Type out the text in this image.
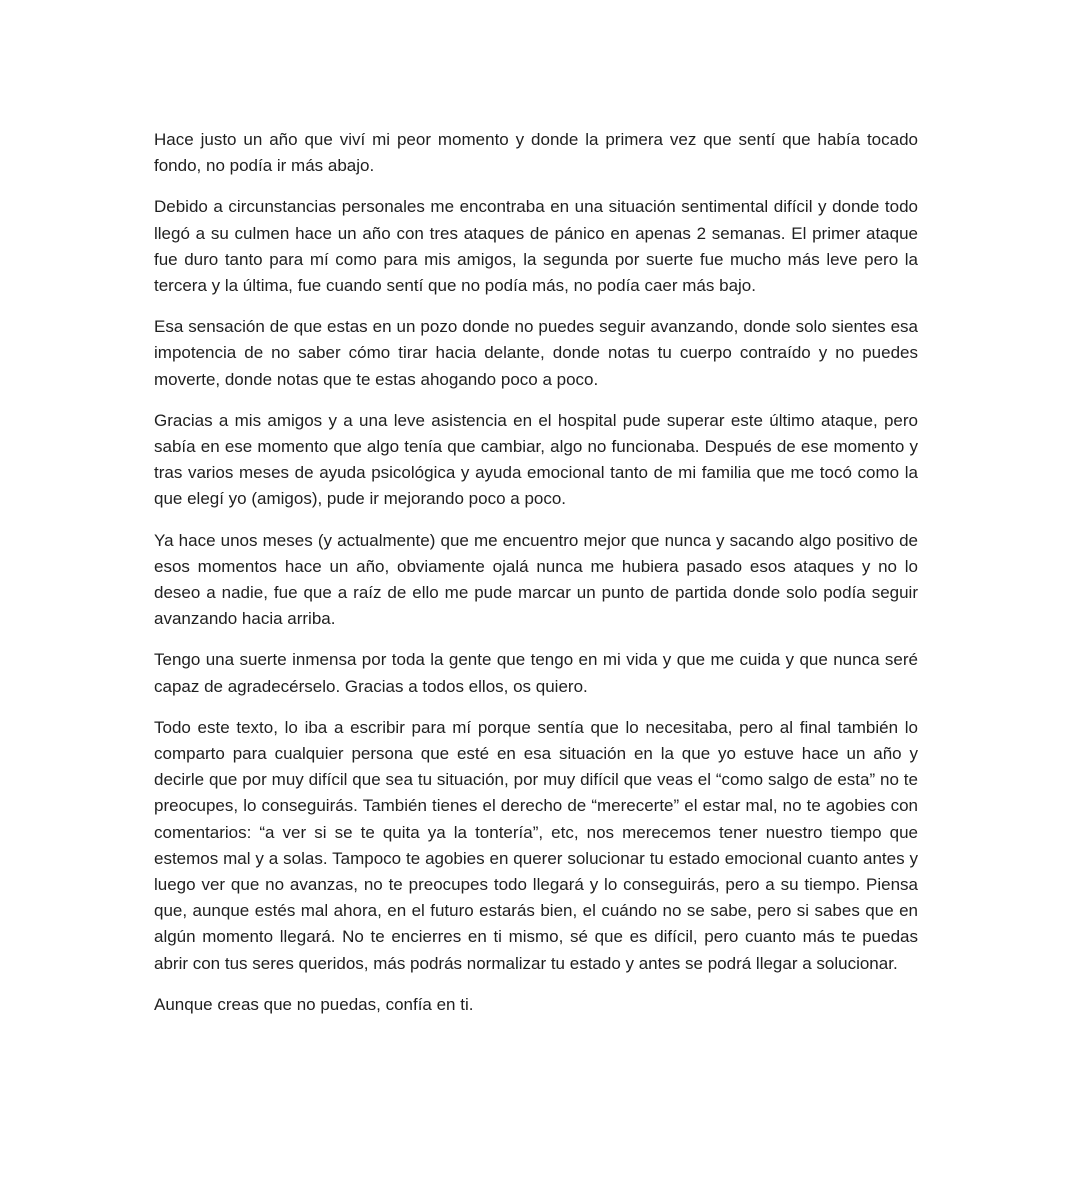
Hace justo un año que viví mi peor momento y donde la primera vez que sentí que había tocado fondo, no podía ir más abajo.

Debido a circunstancias personales me encontraba en una situación sentimental difícil y donde todo llegó a su culmen hace un año con tres ataques de pánico en apenas 2 semanas. El primer ataque fue duro tanto para mí como para mis amigos, la segunda por suerte fue mucho más leve pero la tercera y la última, fue cuando sentí que no podía más, no podía caer más bajo.

Esa sensación de que estas en un pozo donde no puedes seguir avanzando, donde solo sientes esa impotencia de no saber cómo tirar hacia delante, donde notas tu cuerpo contraído y no puedes moverte, donde notas que te estas ahogando poco a poco.

Gracias a mis amigos y a una leve asistencia en el hospital pude superar este último ataque, pero sabía en ese momento que algo tenía que cambiar, algo no funcionaba. Después de ese momento y tras varios meses de ayuda psicológica y ayuda emocional tanto de mi familia que me tocó como la que elegí yo (amigos), pude ir mejorando poco a poco.

Ya hace unos meses (y actualmente) que me encuentro mejor que nunca y sacando algo positivo de esos momentos hace un año, obviamente ojalá nunca me hubiera pasado esos ataques y no lo deseo a nadie, fue que a raíz de ello me pude marcar un punto de partida donde solo podía seguir avanzando hacia arriba.

Tengo una suerte inmensa por toda la gente que tengo en mi vida y que me cuida y que nunca seré capaz de agradecérselo. Gracias a todos ellos, os quiero.

Todo este texto, lo iba a escribir para mí porque sentía que lo necesitaba, pero al final también lo comparto para cualquier persona que esté en esa situación en la que yo estuve hace un año y decirle que por muy difícil que sea tu situación, por muy difícil que veas el “como salgo de esta” no te preocupes, lo conseguirás. También tienes el derecho de “merecerte” el estar mal, no te agobies con comentarios: “a ver si se te quita ya la tontería”, etc, nos merecemos tener nuestro tiempo que estemos mal y a solas. Tampoco te agobies en querer solucionar tu estado emocional cuanto antes y luego ver que no avanzas, no te preocupes todo llegará y lo conseguirás, pero a su tiempo. Piensa que, aunque estés mal ahora, en el futuro estarás bien, el cuándo no se sabe, pero si sabes que en algún momento llegará. No te encierres en ti mismo, sé que es difícil, pero cuanto más te puedas abrir con tus seres queridos, más podrás normalizar tu estado y antes se podrá llegar a solucionar.

Aunque creas que no puedas, confía en ti.
